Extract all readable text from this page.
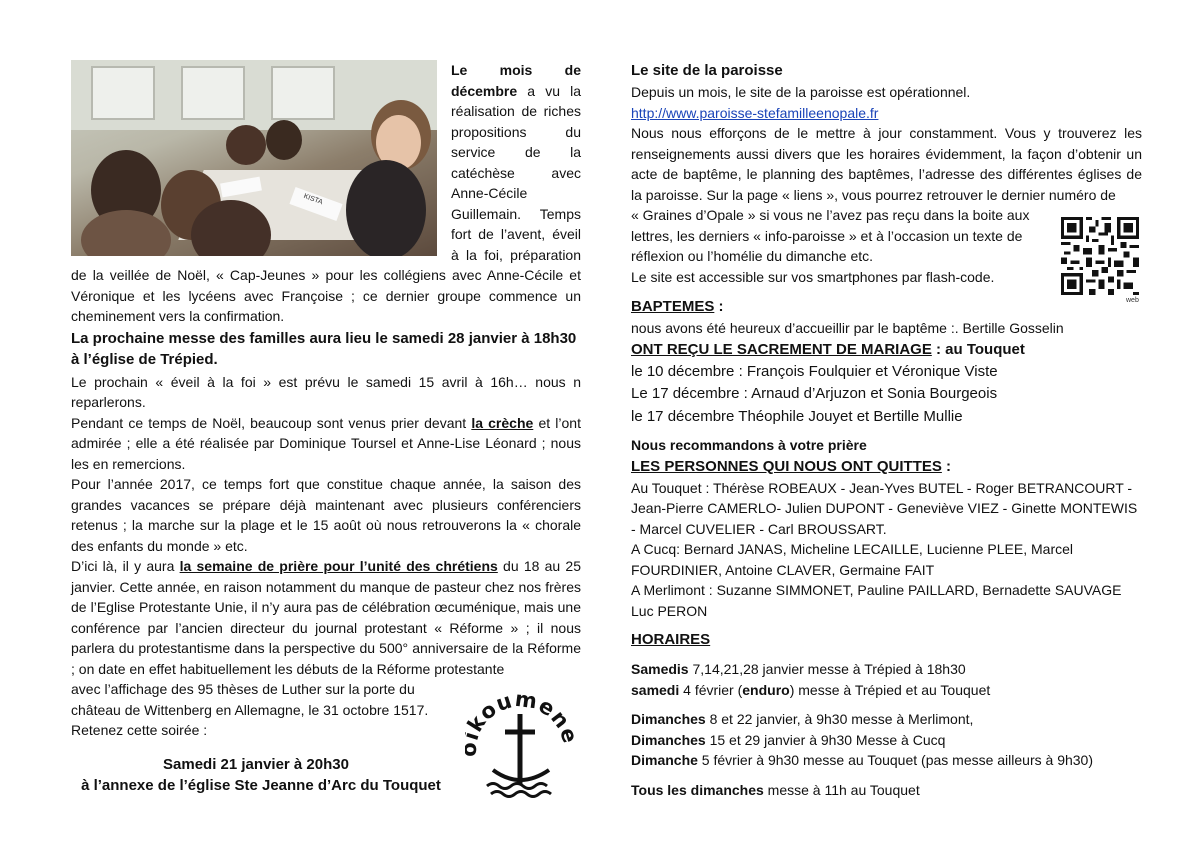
KISTA

Le mois de décembre a vu la réalisation de riches propositions du service de la catéchèse avec Anne-Cécile Guillemain. Temps fort de l’avent, éveil à la foi, préparation de la veillée de Noël, « Cap-Jeunes » pour les collégiens avec Anne-Cécile et Véronique et les lycéens avec Françoise ; ce dernier groupe commence un cheminement vers la confirmation.

La prochaine messe des familles aura lieu le samedi 28 janvier à 18h30 à l’église de Trépied.

Le prochain « éveil à la foi » est prévu le samedi 15 avril à 16h… nous n reparlerons.

Pendant ce temps de Noël, beaucoup sont venus prier devant la crèche et l’ont admirée ; elle a été réalisée par Dominique Toursel et Anne-Lise Léonard ; nous les en remercions.

Pour l’année 2017, ce temps fort que constitue chaque année, la saison des grandes vacances se prépare déjà maintenant avec plusieurs conférenciers retenus ; la marche sur la plage et le 15 août où nous retrouverons la « chorale des enfants du monde » etc.

D’ici là, il y aura la semaine de prière pour l’unité des chrétiens du 18 au 25 janvier. Cette année, en raison notamment du manque de pasteur chez nos frères de l’Eglise Protestante Unie, il n’y aura pas de célébration œcuménique, mais une conférence par l’ancien directeur du journal protestant « Réforme » ; il nous parlera du protestantisme dans la perspective du 500° anniversaire de la Réforme ; on date en effet habituellement les débuts de la Réforme protestante

avec l’affichage des 95 thèses de Luther sur la porte du

château de Wittenberg en Allemagne, le 31 octobre 1517.

Retenez cette soirée :

Samedi 21 janvier à 20h30

à l’annexe de l’église Ste Jeanne d’Arc du Touquet

koumen

Le site de la paroisse

Depuis un mois, le site de la paroisse est opérationnel.

http://www.paroisse-stefamilleenopale.fr

Nous nous efforçons de le mettre à jour constamment. Vous y trouverez les renseignements aussi divers que les horaires évidemment, la façon d’obtenir un acte de baptême, le planning des baptêmes, l’adresse des différentes églises de la paroisse. Sur la page « liens », vous pourrez retrouver le dernier numéro de

« Graines d’Opale » si vous ne l’avez pas reçu dans la boite aux

lettres, les derniers « info-paroisse » et à l’occasion un texte de

réflexion ou l’homélie du dimanche etc.

Le site est accessible sur vos smartphones par flash-code.

BAPTEMES :

nous avons été heureux d’accueillir par le baptême :. Bertille Gosselin

ONT REÇU LE SACREMENT DE MARIAGE : au Touquet

le 10 décembre : François Foulquier et Véronique Viste

Le 17 décembre : Arnaud d’Arjuzon et Sonia Bourgeois

le 17 décembre Théophile Jouyet et Bertille Mullie

Nous recommandons à votre prière

LES PERSONNES QUI NOUS ONT QUITTES :

Au Touquet : Thérèse ROBEAUX - Jean-Yves BUTEL - Roger BETRANCOURT - Jean-Pierre CAMERLO- Julien DUPONT - Geneviève VIEZ - Ginette MONTEWIS - Marcel CUVELIER - Carl BROUSSART.

A Cucq: Bernard JANAS, Micheline LECAILLE, Lucienne PLEE, Marcel FOURDINIER, Antoine CLAVER, Germaine FAIT

A Merlimont : Suzanne SIMMONET, Pauline PAILLARD, Bernadette SAUVAGE Luc PERON

HORAIRES

Samedis 7,14,21,28 janvier messe à Trépied à 18h30

samedi 4 février (enduro) messe à Trépied et au Touquet

Dimanches 8 et 22 janvier, à 9h30 messe à Merlimont,

Dimanches 15 et 29 janvier à 9h30 Messe à Cucq

Dimanche 5 février à 9h30 messe au Touquet (pas messe ailleurs à 9h30)

Tous les dimanches messe à 11h au Touquet

web
